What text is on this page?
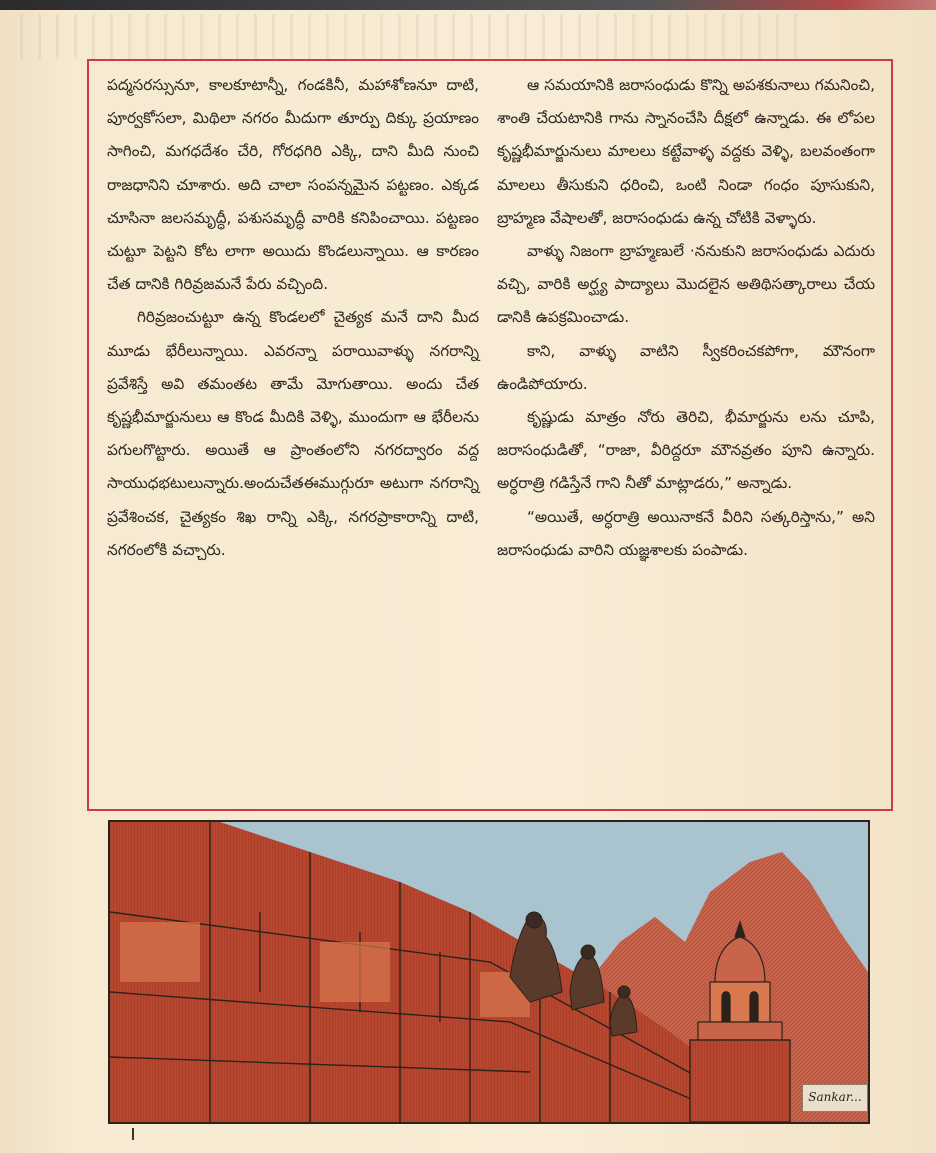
పద్మసరస్సునూ, కాలకూటాన్నీ, గండకినీ, మహాశోణనూ దాటి, పూర్వకోసలా, మిథిలా నగరం మీదుగా తూర్పు దిక్కు ప్రయాణం సాగించి, మగధదేశం చేరి, గోరధగిరి ఎక్కి, దాని మీది నుంచి రాజధానిని చూశారు. అది చాలా సంపన్నమైన పట్టణం. ఎక్కడ చూసినా జలసమృద్ధీ, పశుసమృద్ధీ వారికి కనిపించాయి. పట్టణం చుట్టూ పెట్టని కోట లాగా అయిదు కొండలున్నాయి. ఆ కారణం చేత దానికి గిరివ్రజమనే పేరు వచ్చింది.

గిరివ్రజంచుట్టూ ఉన్న కొండలలో చైత్యక మనే దాని మీద మూడు భేరీలున్నాయి. ఎవరన్నా పరాయివాళ్ళు నగరాన్ని ప్రవేశిస్తే అవి తమంతట తామే మోగుతాయి. అందు చేత కృష్ణభీమార్జునులు ఆ కొండ మీదికి వెళ్ళి, ముందుగా ఆ భేరీలను పగులగొట్టారు. అయితే ఆ ప్రాంతంలోని నగరద్వారం వద్ద సాయుధభటులున్నారు.అందుచేతఈముగ్గురూ అటుగా నగరాన్ని ప్రవేశించక, చైత్యకం శిఖ రాన్ని ఎక్కి, నగరప్రాకారాన్ని దాటి, నగరంలోకి వచ్చారు.

ఆ సమయానికి జరాసంధుడు కొన్ని అపశకునాలు గమనించి, శాంతి చేయటానికి గాను స్నానంచేసి దీక్షలో ఉన్నాడు. ఈ లోపల కృష్ణభీమార్జునులు మాలలు కట్టేవాళ్ళ వద్దకు వెళ్ళి, బలవంతంగా మాలలు తీసుకుని ధరించి, ఒంటి నిండా గంధం పూసుకుని, బ్రాహ్మణ వేషాలతో, జరాసంధుడు ఉన్న చోటికి వెళ్ళారు.

వాళ్ళు నిజంగా బ్రాహ్మణులే ·ననుకుని జరాసంధుడు ఎదురు వచ్చి, వారికి అర్ఘ్య పాద్యాలు మొదలైన అతిథిసత్కారాలు చేయ డానికి ఉపక్రమించాడు.

కాని, వాళ్ళు వాటిని స్వీకరించకపోగా, మౌనంగా ఉండిపోయారు.

కృష్ణుడు మాత్రం నోరు తెరిచి, భీమార్జును లను చూపి, జరాసంధుడితో, “రాజా, వీరిద్దరూ మౌనవ్రతం పూని ఉన్నారు. అర్ధరాత్రి గడిస్తేనే గాని నీతో మాట్లాడరు,” అన్నాడు.

“అయితే, అర్ధరాత్రి అయినాకనే వీరిని సత్కరిస్తాను,” అని జరాసంధుడు వారిని యజ్ఞశాలకు పంపాడు.

Sankar...
